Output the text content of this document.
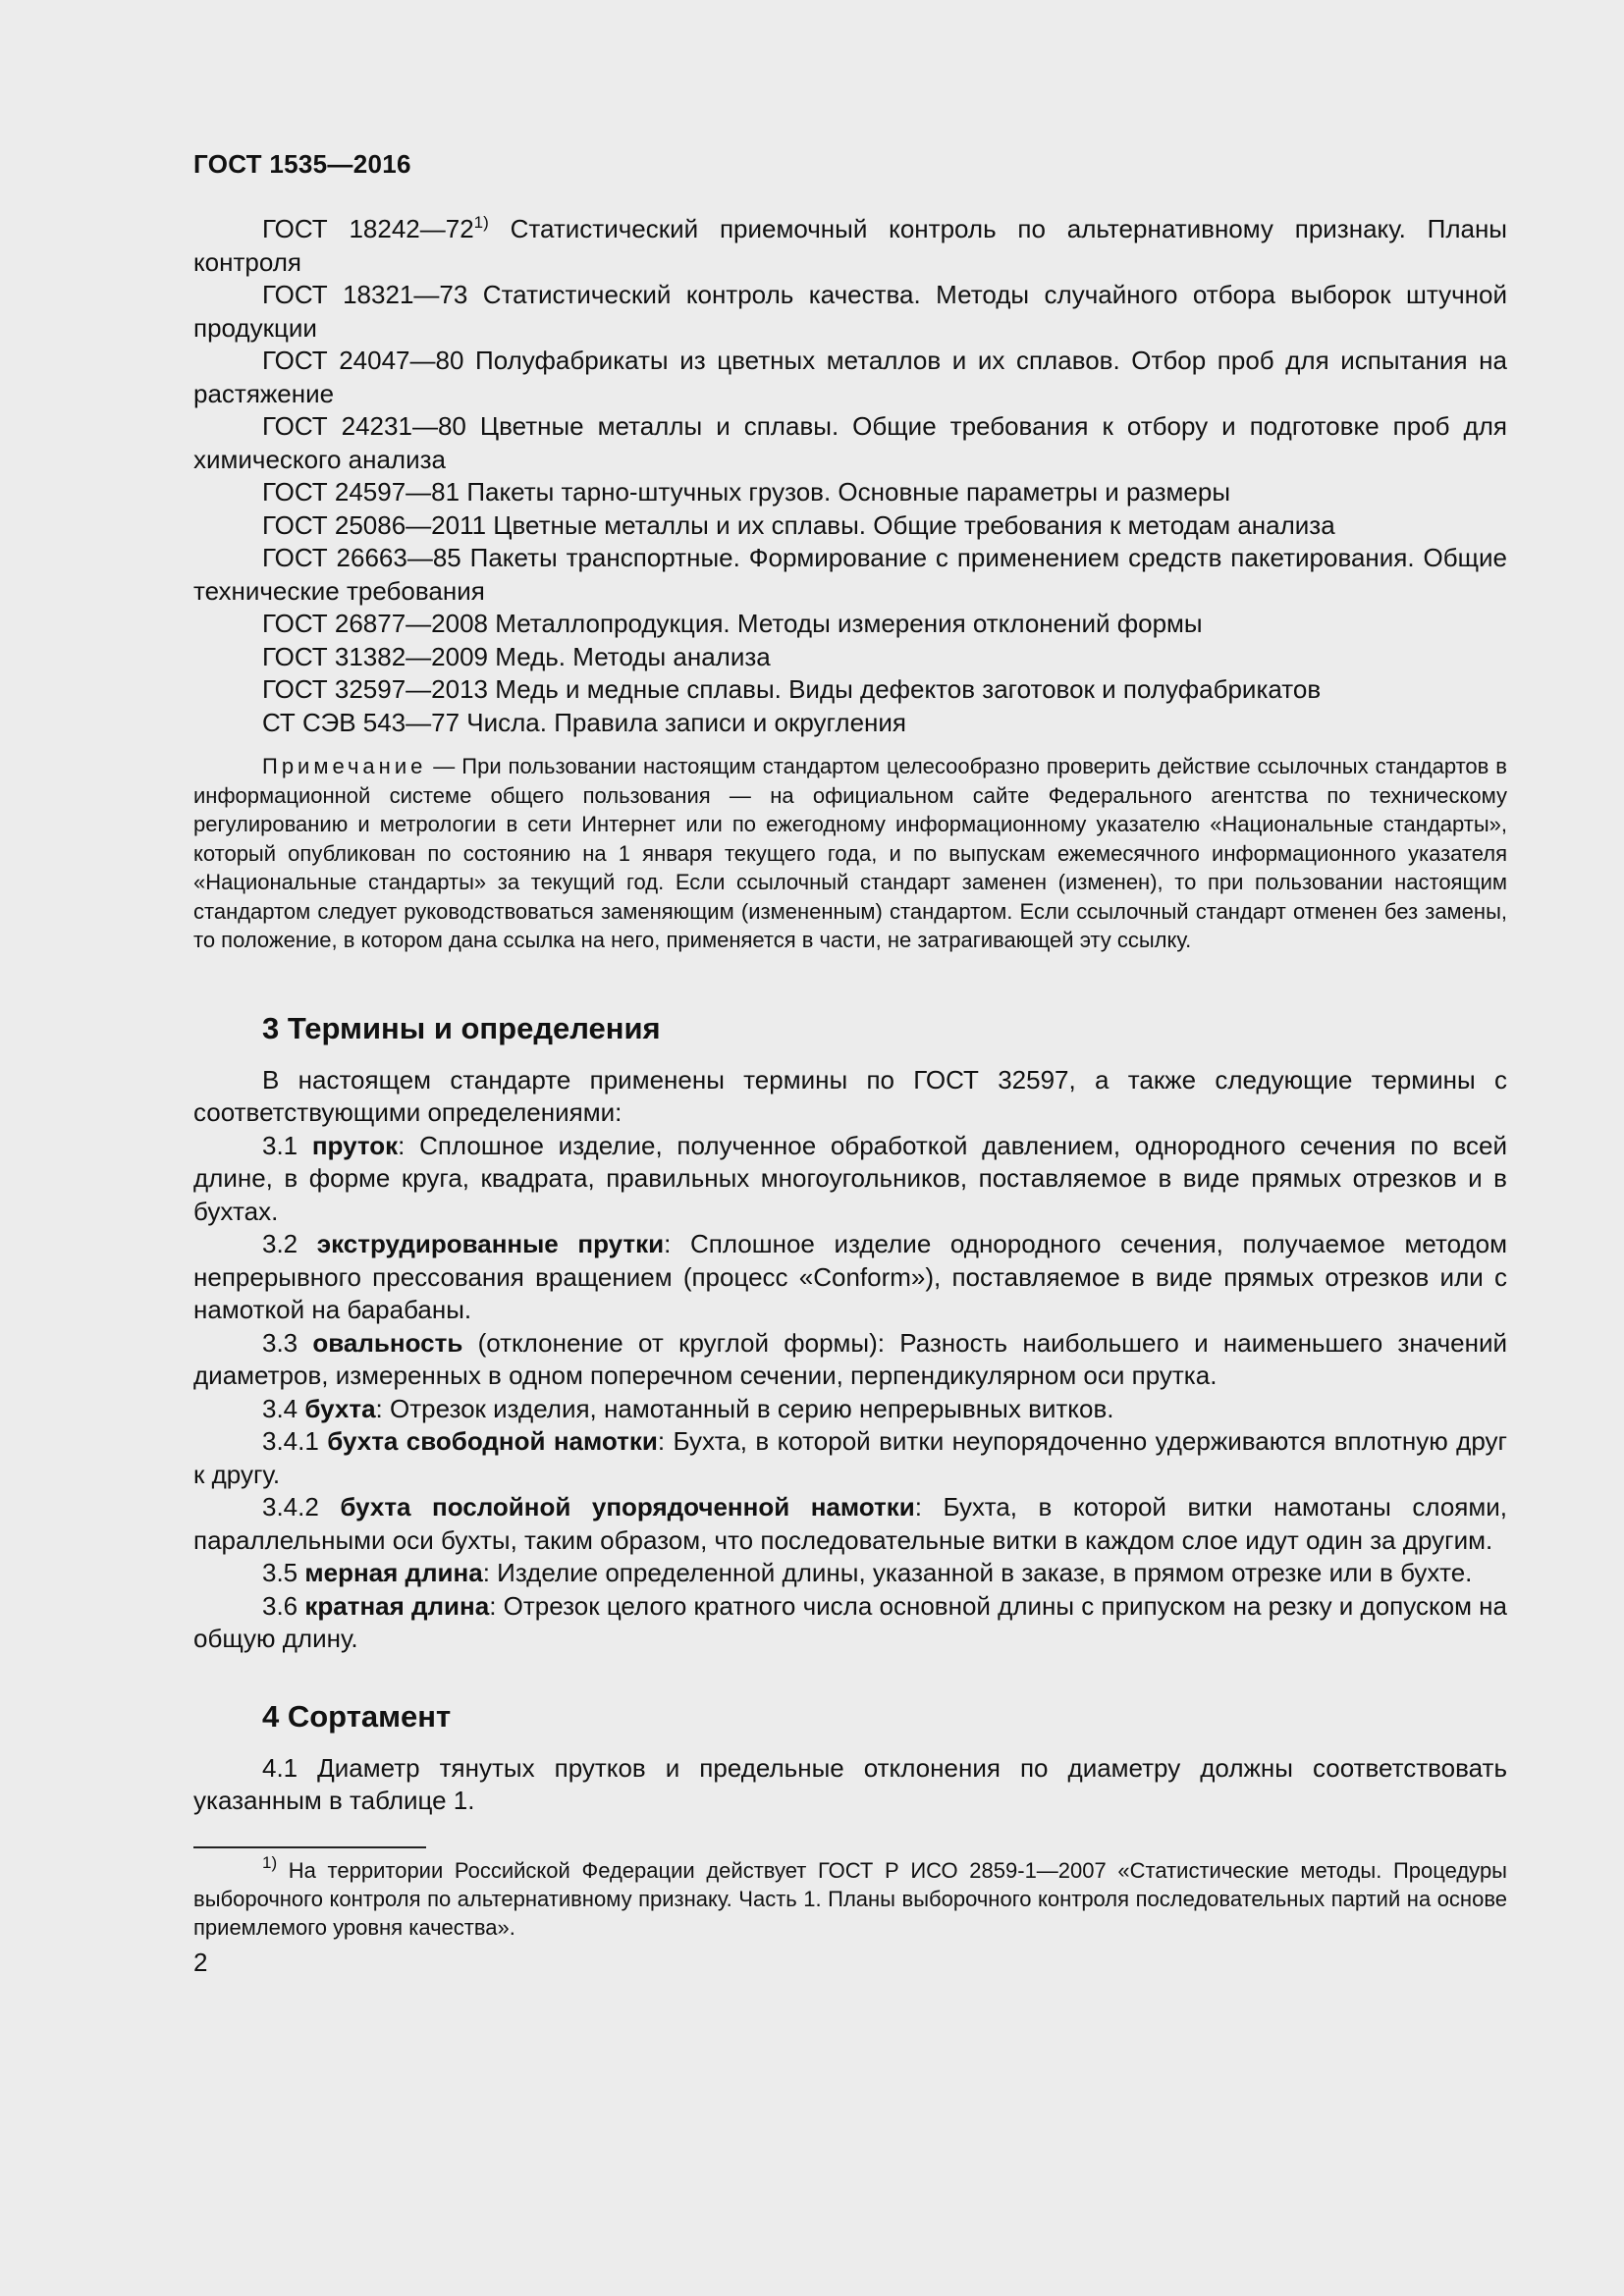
ГОСТ 1535—2016

ГОСТ 18242—72$^{1)}$ Статистический приемочный контроль по альтернативному признаку. Планы контроля

ГОСТ 18321—73 Статистический контроль качества. Методы случайного отбора выборок штучной продукции

ГОСТ 24047—80 Полуфабрикаты из цветных металлов и их сплавов. Отбор проб для испытания на растяжение

ГОСТ 24231—80 Цветные металлы и сплавы. Общие требования к отбору и подготовке проб для химического анализа

ГОСТ 24597—81 Пакеты тарно-штучных грузов. Основные параметры и размеры

ГОСТ 25086—2011 Цветные металлы и их сплавы. Общие требования к методам анализа

ГОСТ 26663—85 Пакеты транспортные. Формирование с применением средств пакетирования. Общие технические требования

ГОСТ 26877—2008 Металлопродукция. Методы измерения отклонений формы

ГОСТ 31382—2009 Медь. Методы анализа

ГОСТ 32597—2013 Медь и медные сплавы. Виды дефектов заготовок и полуфабрикатов

СТ СЭВ 543—77 Числа. Правила записи и округления

Примечание — При пользовании настоящим стандартом целесообразно проверить действие ссылочных стандартов в информационной системе общего пользования — на официальном сайте Федерального агентства по техническому регулированию и метрологии в сети Интернет или по ежегодному информационному указателю «Национальные стандарты», который опубликован по состоянию на 1 января текущего года, и по выпускам ежемесячного информационного указателя «Национальные стандарты» за текущий год. Если ссылочный стандарт заменен (изменен), то при пользовании настоящим стандартом следует руководствоваться заменяющим (измененным) стандартом. Если ссылочный стандарт отменен без замены, то положение, в котором дана ссылка на него, применяется в части, не затрагивающей эту ссылку.

3 Термины и определения

В настоящем стандарте применены термины по ГОСТ 32597, а также следующие термины с соответствующими определениями:

3.1 пруток: Сплошное изделие, полученное обработкой давлением, однородного сечения по всей длине, в форме круга, квадрата, правильных многоугольников, поставляемое в виде прямых отрезков и в бухтах.

3.2 экструдированные прутки: Сплошное изделие однородного сечения, получаемое методом непрерывного прессования вращением (процесс «Conform»), поставляемое в виде прямых отрезков или с намоткой на барабаны.

3.3 овальность (отклонение от круглой формы): Разность наибольшего и наименьшего значений диаметров, измеренных в одном поперечном сечении, перпендикулярном оси прутка.

3.4 бухта: Отрезок изделия, намотанный в серию непрерывных витков.

3.4.1 бухта свободной намотки: Бухта, в которой витки неупорядоченно удерживаются вплотную друг к другу.

3.4.2 бухта послойной упорядоченной намотки: Бухта, в которой витки намотаны слоями, параллельными оси бухты, таким образом, что последовательные витки в каждом слое идут один за другим.

3.5 мерная длина: Изделие определенной длины, указанной в заказе, в прямом отрезке или в бухте.

3.6 кратная длина: Отрезок целого кратного числа основной длины с припуском на резку и допуском на общую длину.

4 Сортамент

4.1 Диаметр тянутых прутков и предельные отклонения по диаметру должны соответствовать указанным в таблице 1.

$^{1)}$ На территории Российской Федерации действует ГОСТ Р ИСО 2859-1—2007 «Статистические методы. Процедуры выборочного контроля по альтернативному признаку. Часть 1. Планы выборочного контроля последовательных партий на основе приемлемого уровня качества».

2
